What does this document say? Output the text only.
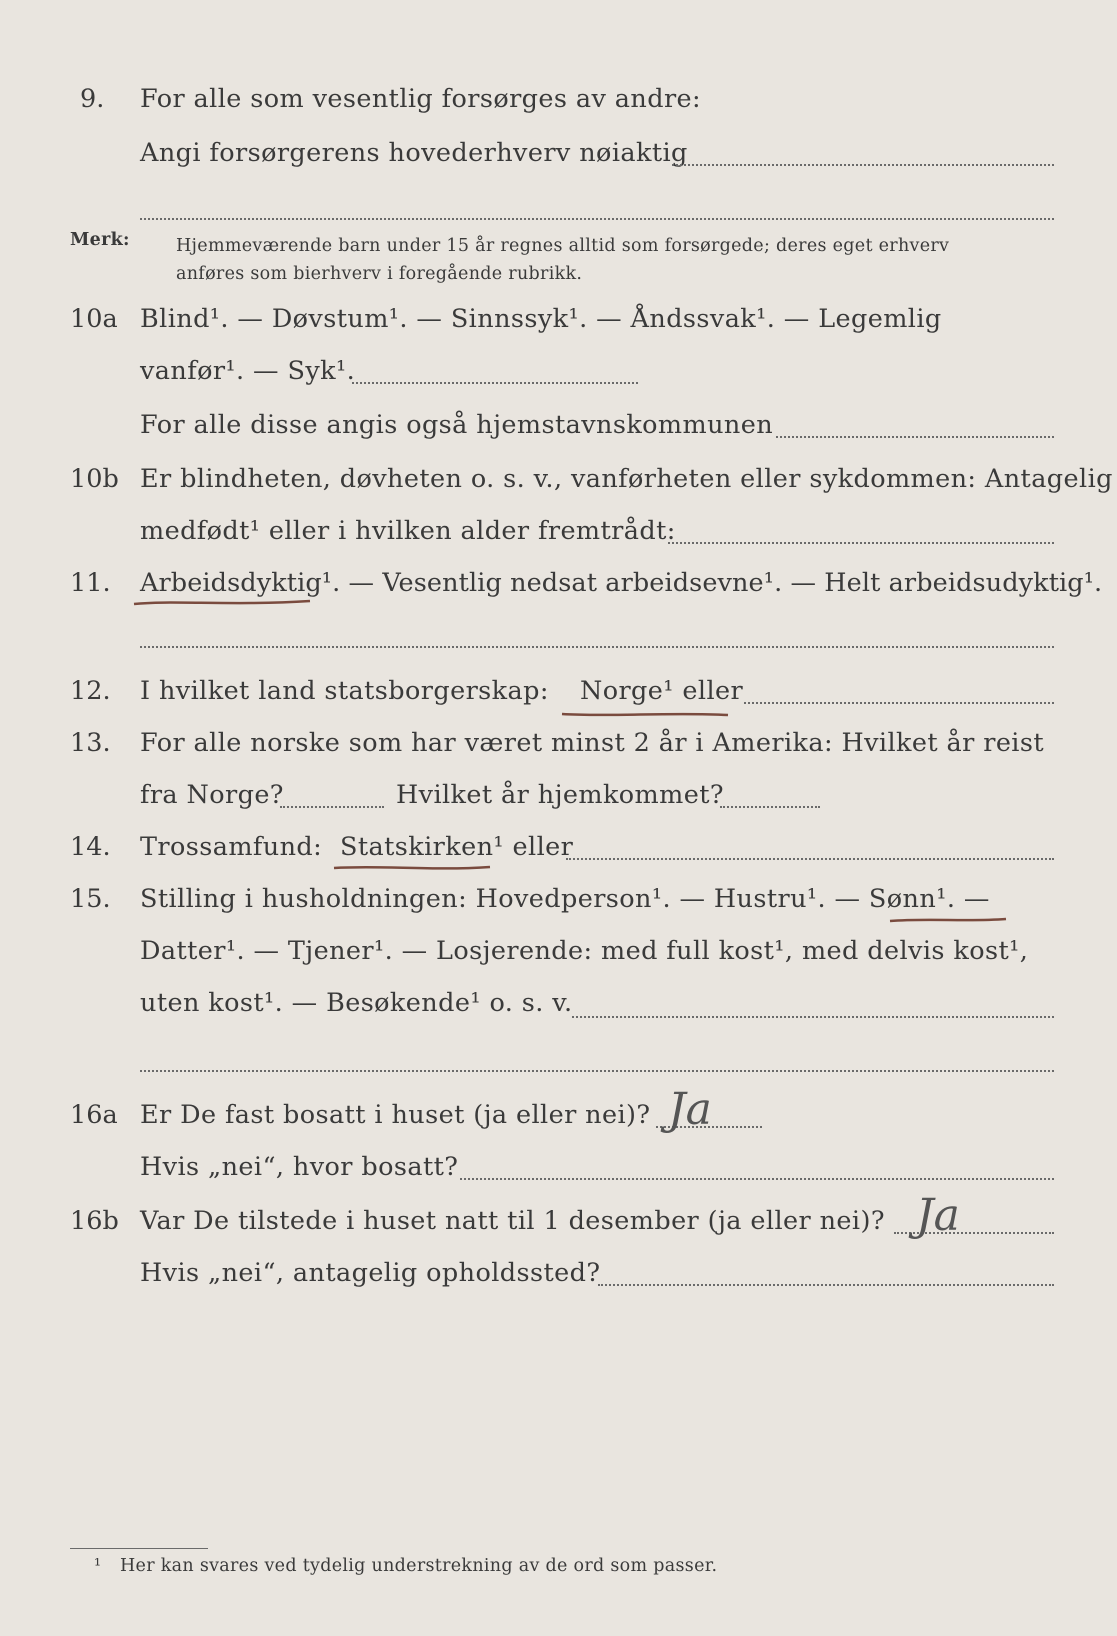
9. For alle som vesentlig forsørges av andre:
Angi forsørgerens hovederhverv nøiaktig
Merk:	Hjemmeværende barn under 15 år regnes alltid som forsørgede; deres eget erhverv
anføres som bierhverv i foregående rubrikk.
10a Blind¹. — Døvstum¹. — Sinnssyk¹. — Åndssvak¹. — Legemlig
vanfør¹. — Syk¹.
For alle disse angis også hjemstavnskommunen
10b Er blindheten, døvheten o. s. v., vanførheten eller sykdommen: Antagelig
medfødt¹ eller i hvilken alder fremtrådt:
11. Arbeidsdyktig¹. — Vesentlig nedsat arbeidsevne¹. — Helt arbeidsudyktig¹.
12. I hvilket land statsborgerskap: Norge¹ eller
13. For alle norske som har været minst 2 år i Amerika: Hvilket år reist
fra Norge?	Hvilket år hjemkommet?
14. Trossamfund: Statskirken¹ eller
15. Stilling i husholdningen: Hovedperson¹. — Hustru¹. — Sønn¹. —
Datter¹. — Tjener¹. — Losjerende: med full kost¹, med delvis kost¹,
uten kost¹. — Besøkende¹ o. s. v.
16a Er De fast bosatt i huset (ja eller nei)? Ja
Hvis „nei“, hvor bosatt?
16b Var De tilstede i huset natt til 1 desember (ja eller nei)? Ja
Hvis „nei“, antagelig opholdssted?
¹ Her kan svares ved tydelig understrekning av de ord som passer.
